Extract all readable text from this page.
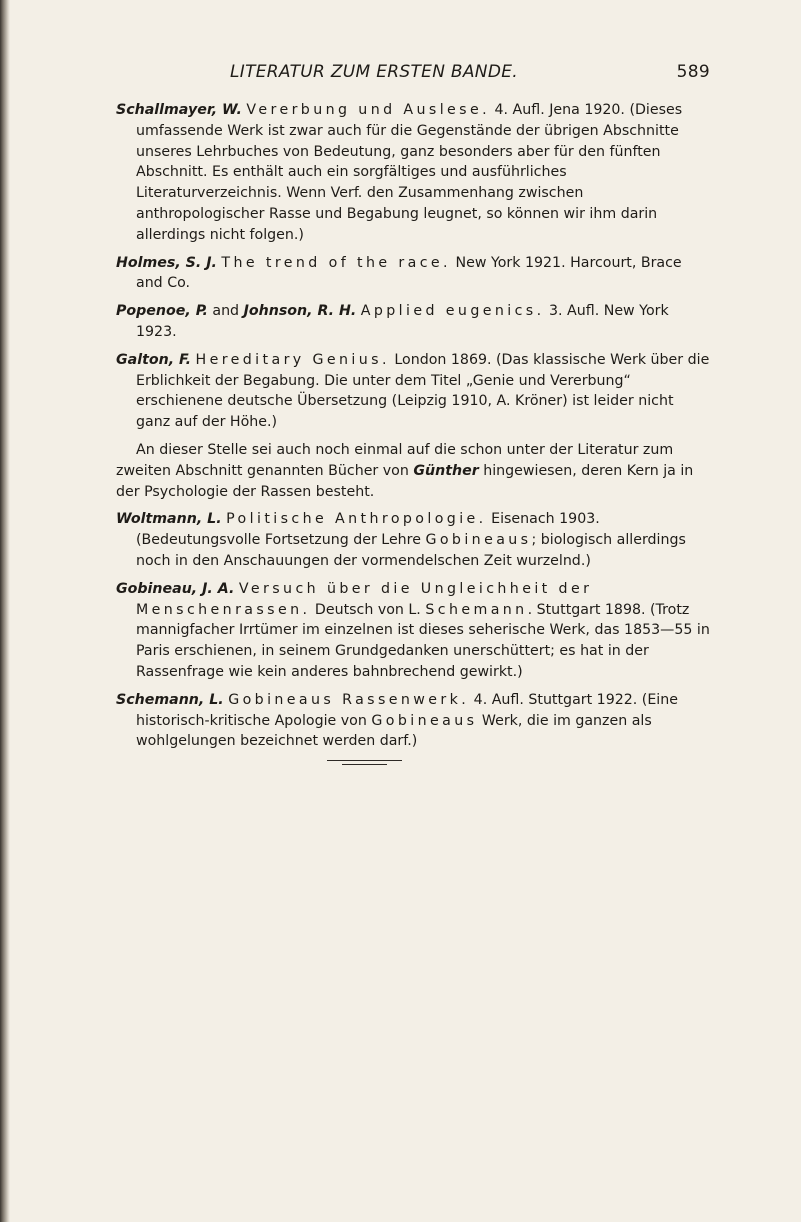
LITERATUR ZUM ERSTEN BANDE.	589

Schallmayer, W. Vererbung und Auslese. 4. Aufl. Jena 1920. (Dieses umfassende Werk ist zwar auch für die Gegenstände der übrigen Abschnitte unseres Lehrbuches von Bedeutung, ganz besonders aber für den fünften Abschnitt. Es enthält auch ein sorgfältiges und ausführliches Literaturverzeichnis. Wenn Verf. den Zusammenhang zwischen anthropologischer Rasse und Begabung leugnet, so können wir ihm darin allerdings nicht folgen.)

Holmes, S. J. The trend of the race. New York 1921. Harcourt, Brace and Co.

Popenoe, P. and Johnson, R. H. Applied eugenics. 3. Aufl. New York 1923.

Galton, F. Hereditary Genius. London 1869. (Das klassische Werk über die Erblichkeit der Begabung. Die unter dem Titel „Genie und Vererbung“ erschienene deutsche Übersetzung (Leipzig 1910, A. Kröner) ist leider nicht ganz auf der Höhe.)

An dieser Stelle sei auch noch einmal auf die schon unter der Literatur zum zweiten Abschnitt genannten Bücher von Günther hingewiesen, deren Kern ja in der Psychologie der Rassen besteht.

Woltmann, L. Politische Anthropologie. Eisenach 1903. (Bedeutungsvolle Fortsetzung der Lehre Gobineaus; biologisch allerdings noch in den Anschauungen der vormendelschen Zeit wurzelnd.)

Gobineau, J. A. Versuch über die Ungleichheit der Menschenrassen. Deutsch von L. Schemann. Stuttgart 1898. (Trotz mannigfacher Irrtümer im einzelnen ist dieses seherische Werk, das 1853—55 in Paris erschienen, in seinem Grundgedanken unerschüttert; es hat in der Rassenfrage wie kein anderes bahnbrechend gewirkt.)

Schemann, L. Gobineaus Rassenwerk. 4. Aufl. Stuttgart 1922. (Eine historisch-kritische Apologie von Gobineaus Werk, die im ganzen als wohlgelungen bezeichnet werden darf.)
